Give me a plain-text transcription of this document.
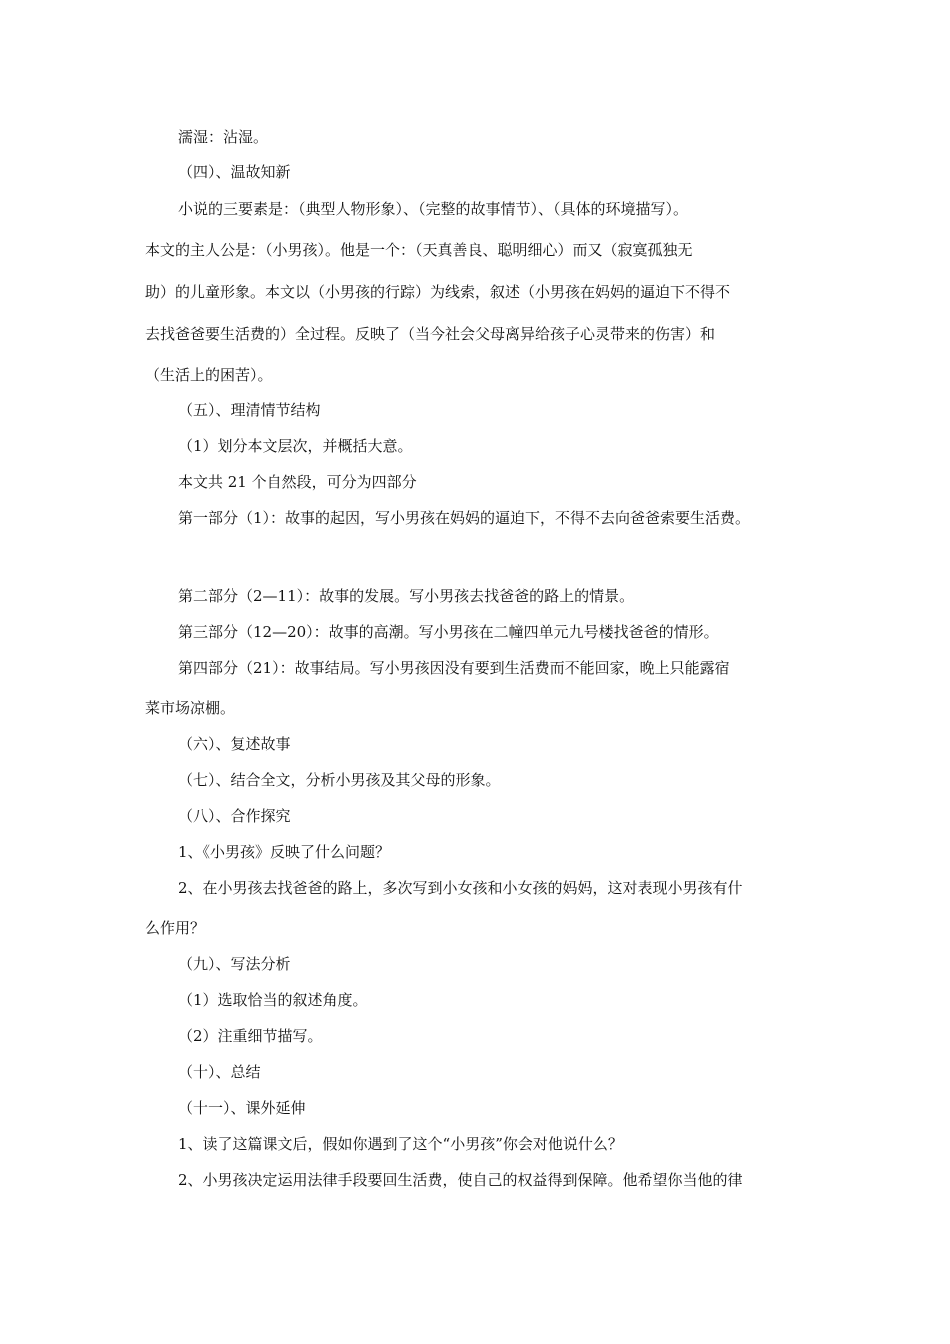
濡湿：沾湿。

（四）、温故知新

小说的三要素是：（典型人物形象）、（完整的故事情节）、（具体的环境描写）。

本文的主人公是：（小男孩）。他是一个：（天真善良、聪明细心）而又（寂寞孤独无

助）的儿童形象。本文以（小男孩的行踪）为线索，叙述（小男孩在妈妈的逼迫下不得不

去找爸爸要生活费的）全过程。反映了（当今社会父母离异给孩子心灵带来的伤害）和

（生活上的困苦）。

（五）、理清情节结构

（1）划分本文层次，并概括大意。

本文共 21 个自然段，可分为四部分

第一部分（1）：故事的起因，写小男孩在妈妈的逼迫下，不得不去向爸爸索要生活费。

第二部分（2—11）：故事的发展。写小男孩去找爸爸的路上的情景。

第三部分（12—20）：故事的高潮。写小男孩在二幢四单元九号楼找爸爸的情形。

第四部分（21）：故事结局。写小男孩因没有要到生活费而不能回家，晚上只能露宿

菜市场凉棚。

（六）、复述故事

（七）、结合全文，分析小男孩及其父母的形象。

（八）、合作探究

1、《小男孩》反映了什么问题？

2、在小男孩去找爸爸的路上，多次写到小女孩和小女孩的妈妈，这对表现小男孩有什

么作用？

（九）、写法分析

（1）选取恰当的叙述角度。

（2）注重细节描写。

（十）、总结

（十一）、课外延伸

1、读了这篇课文后，假如你遇到了这个“小男孩”你会对他说什么？

2、小男孩决定运用法律手段要回生活费，使自己的权益得到保障。他希望你当他的律
